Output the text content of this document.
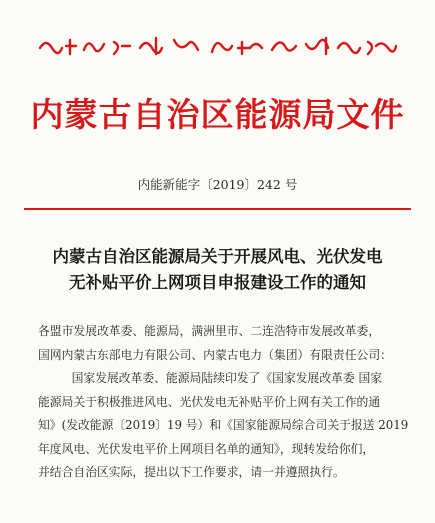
内蒙古自治区能源局文件
内能新能字〔2019〕242 号
内蒙古自治区能源局关于开展风电、光伏发电
无补贴平价上网项目申报建设工作的通知

各盟市发展改革委、能源局，满洲里市、二连浩特市发展改革委，

国网内蒙古东部电力有限公司、内蒙古电力（集团）有限责任公司：

国家发展改革委、能源局陆续印发了《国家发展改革委 国家

能源局关于积极推进风电、光伏发电无补贴平价上网有关工作的通

知》(发改能源〔2019〕19 号）和《国家能源局综合司关于报送 2019

年度风电、光伏发电平价上网项目名单的通知》，现转发给你们，

并结合自治区实际，提出以下工作要求，请一并遵照执行。
